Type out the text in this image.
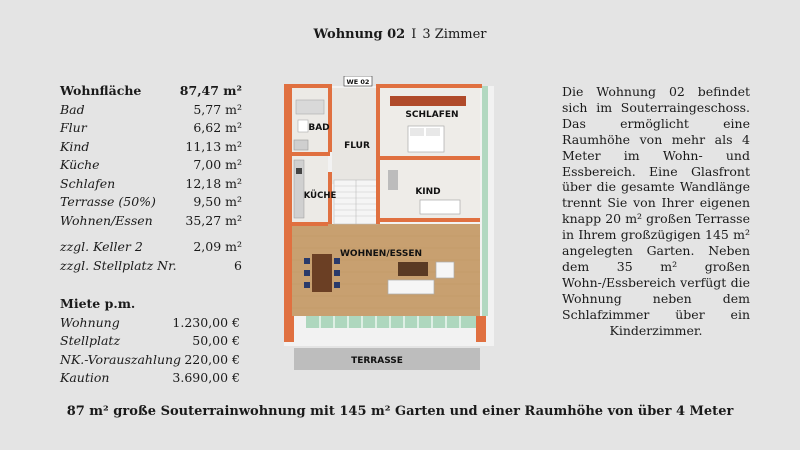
Wohnung 02 I 3 Zimmer
Wohnfläche	87,47 m²
Bad	5,77 m²
Flur	6,62 m²
Kind	11,13 m²
Küche	7,00 m²
Schlafen	12,18 m²
Terrasse (50%)	9,50 m²
Wohnen/Essen	35,27 m²
zzgl. Keller 2	2,09 m²
zzgl. Stellplatz Nr.	6
Miete p.m.
Wohnung	1.230,00 €
Stellplatz	50,00 €
NK.-Vorauszahlung 220,00 €
Kaution	3.690,00 €
WE 02
BAD
FLUR
SCHLAFEN
KÜCHE	KIND
WOHNEN/ESSEN
TERRASSE
Die Wohnung 02 befindet sich im Souterraingeschoss. Das ermöglicht eine Raumhöhe von mehr als 4 Meter im Wohn- und Essbereich. Eine Glasfront über die gesamte Wandlänge trennt Sie von Ihrer eigenen knapp 20 m² großen Terrasse in Ihrem großzügigen 145 m² angelegten Garten. Neben dem 35 m² großen Wohn-/Essbereich verfügt die Wohnung neben dem Schlafzimmer über ein Kinderzimmer.
87 m² große Souterrainwohnung mit 145 m² Garten und einer Raumhöhe von über 4 Meter
